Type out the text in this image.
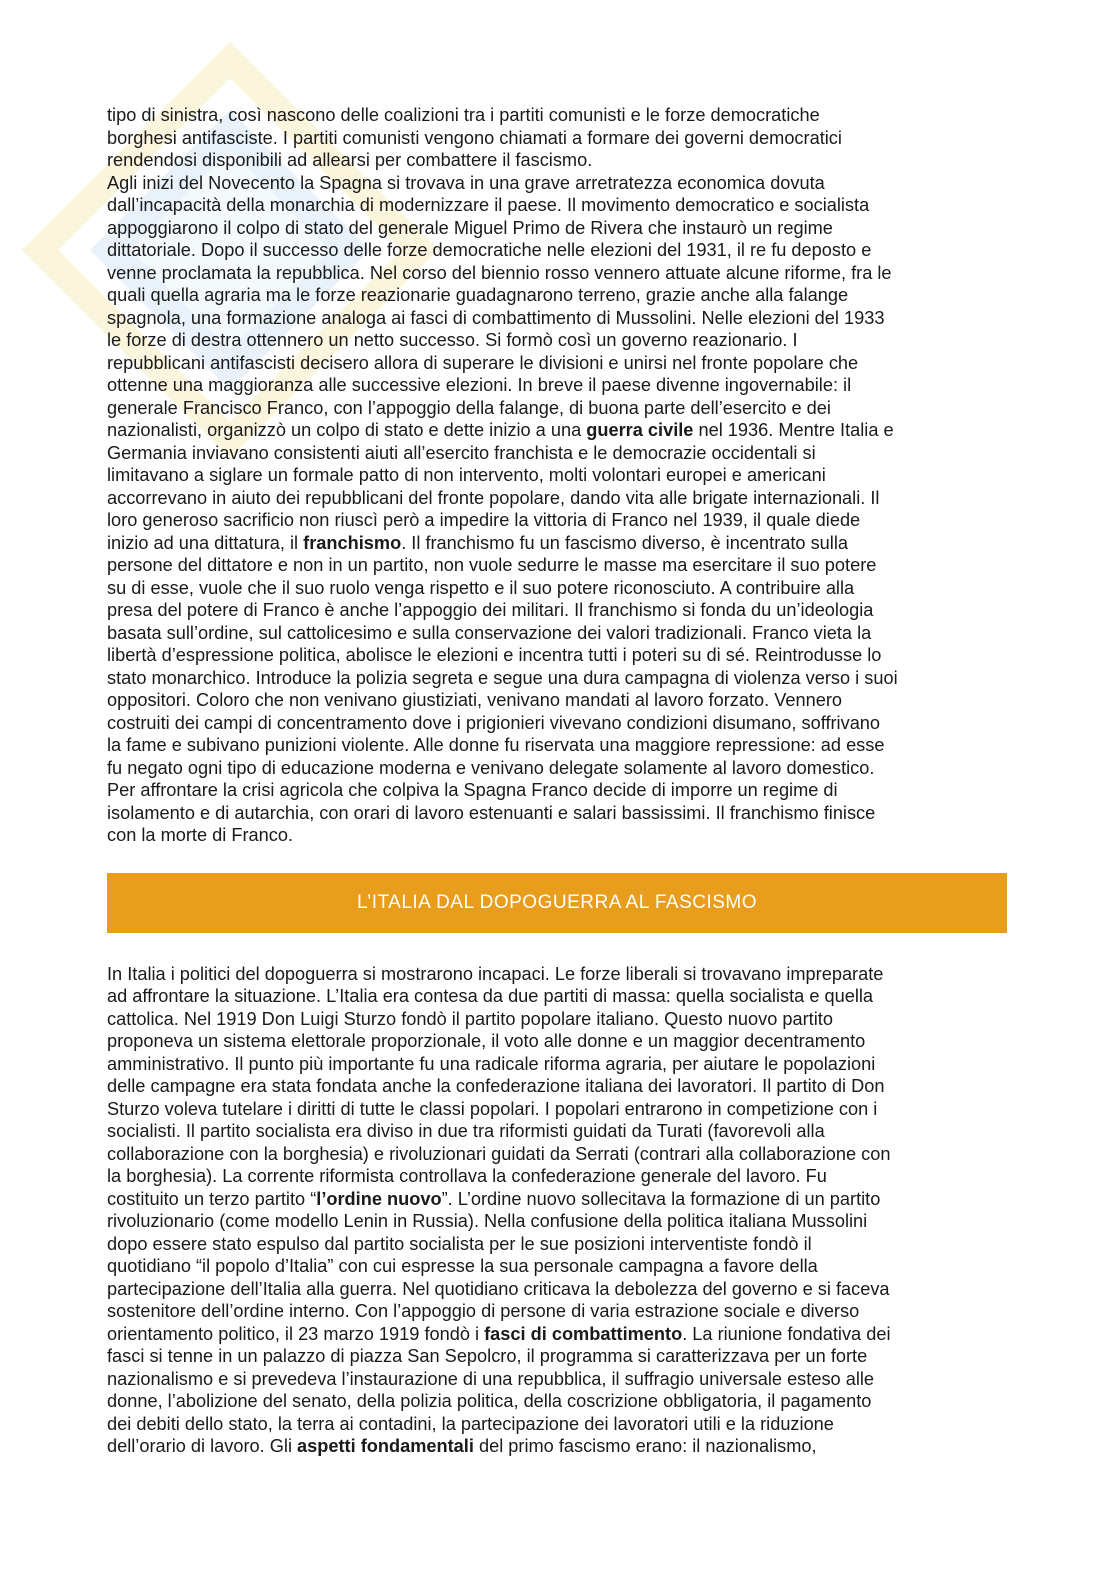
tipo di sinistra, così nascono delle coalizioni tra i partiti comunisti e le forze democratiche
borghesi antifasciste. I partiti comunisti vengono chiamati a formare dei governi democratici
rendendosi disponibili ad allearsi per combattere il fascismo.
Agli inizi del Novecento la Spagna si trovava in una grave arretratezza economica dovuta
dall’incapacità della monarchia di modernizzare il paese. Il movimento democratico e socialista
appoggiarono il colpo di stato del generale Miguel Primo de Rivera che instaurò un regime
dittatoriale. Dopo il successo delle forze democratiche nelle elezioni del 1931, il re fu deposto e
venne proclamata la repubblica. Nel corso del biennio rosso vennero attuate alcune riforme, fra le
quali quella agraria ma le forze reazionarie guadagnarono terreno, grazie anche alla falange
spagnola, una formazione analoga ai fasci di combattimento di Mussolini. Nelle elezioni del 1933
le forze di destra ottennero un netto successo. Si formò così un governo reazionario. I
repubblicani antifascisti decisero allora di superare le divisioni e unirsi nel fronte popolare che
ottenne una maggioranza alle successive elezioni. In breve il paese divenne ingovernabile: il
generale Francisco Franco, con l’appoggio della falange, di buona parte dell’esercito e dei
nazionalisti, organizzò un colpo di stato e dette inizio a una guerra civile nel 1936. Mentre Italia e
Germania inviavano consistenti aiuti all’esercito franchista e le democrazie occidentali si
limitavano a siglare un formale patto di non intervento, molti volontari europei e americani
accorrevano in aiuto dei repubblicani del fronte popolare, dando vita alle brigate internazionali. Il
loro generoso sacrificio non riuscì però a impedire la vittoria di Franco nel 1939, il quale diede
inizio ad una dittatura, il franchismo. Il franchismo fu un fascismo diverso, è incentrato sulla
persone del dittatore e non in un partito, non vuole sedurre le masse ma esercitare il suo potere
su di esse, vuole che il suo ruolo venga rispetto e il suo potere riconosciuto. A contribuire alla
presa del potere di Franco è anche l’appoggio dei militari. Il franchismo si fonda du un’ideologia
basata sull’ordine, sul cattolicesimo e sulla conservazione dei valori tradizionali. Franco vieta la
libertà d’espressione politica, abolisce le elezioni e incentra tutti i poteri su di sé. Reintrodusse lo
stato monarchico. Introduce la polizia segreta e segue una dura campagna di violenza verso i suoi
oppositori. Coloro che non venivano giustiziati, venivano mandati al lavoro forzato. Vennero
costruiti dei campi di concentramento dove i prigionieri vivevano condizioni disumano, soffrivano
la fame e subivano punizioni violente. Alle donne fu riservata una maggiore repressione: ad esse
fu negato ogni tipo di educazione moderna e venivano delegate solamente al lavoro domestico.
Per affrontare la crisi agricola che colpiva la Spagna Franco decide di imporre un regime di
isolamento e di autarchia, con orari di lavoro estenuanti e salari bassissimi. Il franchismo finisce
con la morte di Franco.

L’ITALIA DAL DOPOGUERRA AL FASCISMO

In Italia i politici del dopoguerra si mostrarono incapaci. Le forze liberali si trovavano impreparate
ad affrontare la situazione. L’Italia era contesa da due partiti di massa: quella socialista e quella
cattolica. Nel 1919 Don Luigi Sturzo fondò il partito popolare italiano. Questo nuovo partito
proponeva un sistema elettorale proporzionale, il voto alle donne e un maggior decentramento
amministrativo. Il punto più importante fu una radicale riforma agraria, per aiutare le popolazioni
delle campagne era stata fondata anche la confederazione italiana dei lavoratori. Il partito di Don
Sturzo voleva tutelare i diritti di tutte le classi popolari. I popolari entrarono in competizione con i
socialisti. Il partito socialista era diviso in due tra riformisti guidati da Turati (favorevoli alla
collaborazione con la borghesia) e rivoluzionari guidati da Serrati (contrari alla collaborazione con
la borghesia). La corrente riformista controllava la confederazione generale del lavoro. Fu
costituito un terzo partito “l’ordine nuovo”. L’ordine nuovo sollecitava la formazione di un partito
rivoluzionario (come modello Lenin in Russia). Nella confusione della politica italiana Mussolini
dopo essere stato espulso dal partito socialista per le sue posizioni interventiste fondò il
quotidiano “il popolo d’Italia” con cui espresse la sua personale campagna a favore della
partecipazione dell’Italia alla guerra. Nel quotidiano criticava la debolezza del governo e si faceva
sostenitore dell’ordine interno. Con l’appoggio di persone di varia estrazione sociale e diverso
orientamento politico, il 23 marzo 1919 fondò i fasci di combattimento. La riunione fondativa dei
fasci si tenne in un palazzo di piazza San Sepolcro, il programma si caratterizzava per un forte
nazionalismo e si prevedeva l’instaurazione di una repubblica, il suffragio universale esteso alle
donne, l’abolizione del senato, della polizia politica, della coscrizione obbligatoria, il pagamento
dei debiti dello stato, la terra ai contadini, la partecipazione dei lavoratori utili e la riduzione
dell’orario di lavoro. Gli aspetti fondamentali del primo fascismo erano: il nazionalismo,
